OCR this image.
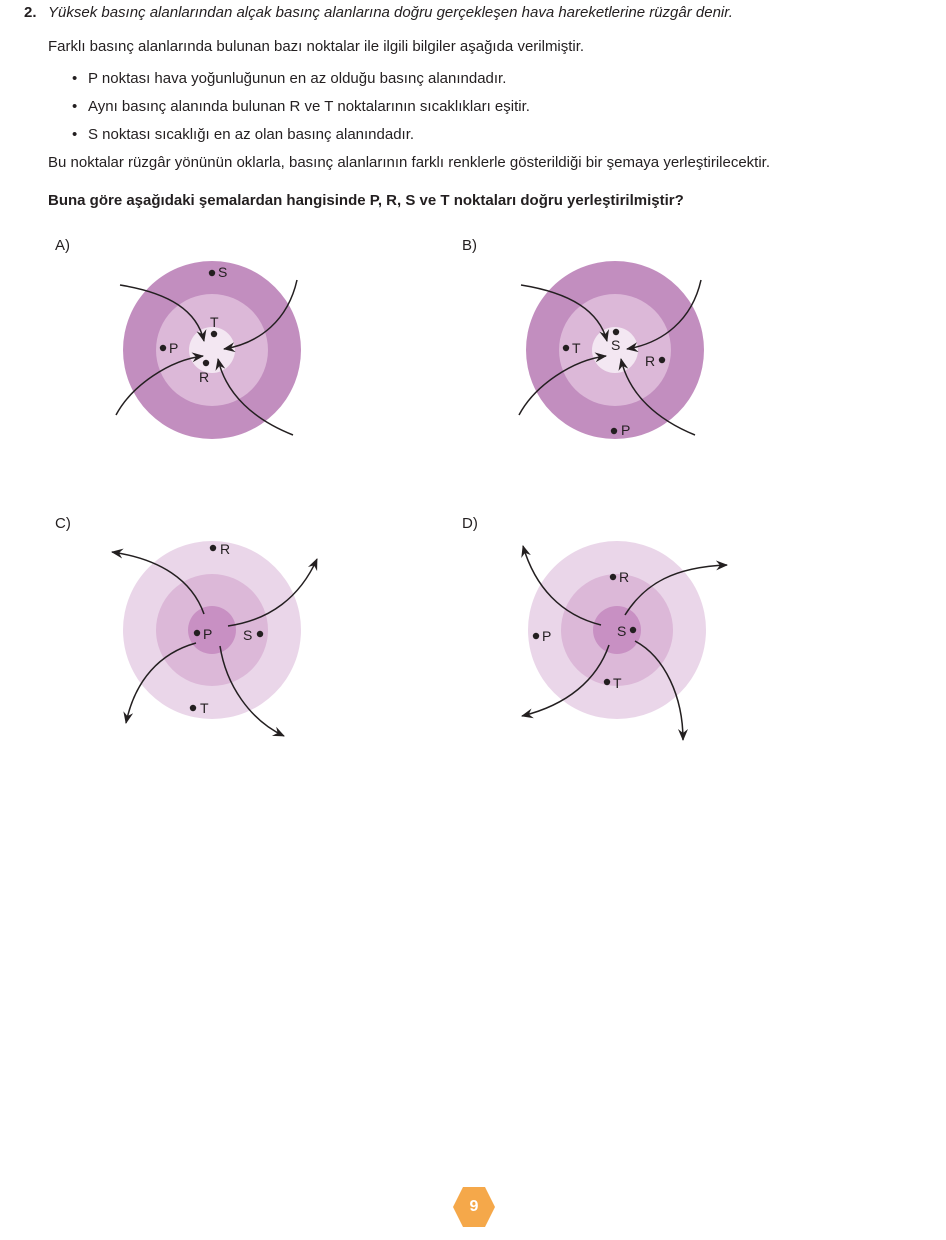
2. Yüksek basınç alanlarından alçak basınç alanlarına doğru gerçekleşen hava hareketlerine rüzgâr denir.
Farklı basınç alanlarında bulunan bazı noktalar ile ilgili bilgiler aşağıda verilmiştir.
• P noktası hava yoğunluğunun en az olduğu basınç alanındadır.
• Aynı basınç alanında bulunan R ve T noktalarının sıcaklıkları eşitir.
• S noktası sıcaklığı en az olan basınç alanındadır.
Bu noktalar rüzgâr yönünün oklarla, basınç alanlarının farklı renklerle gösterildiği bir şemaya yerleştirilecektir.
Buna göre aşağıdaki şemalardan hangisinde P, R, S ve T noktaları doğru yerleştirilmiştir?
A)
S
T
P
R
B)
T S
R
P
C)
R
P S
T
D)
R
P	S
T
9
